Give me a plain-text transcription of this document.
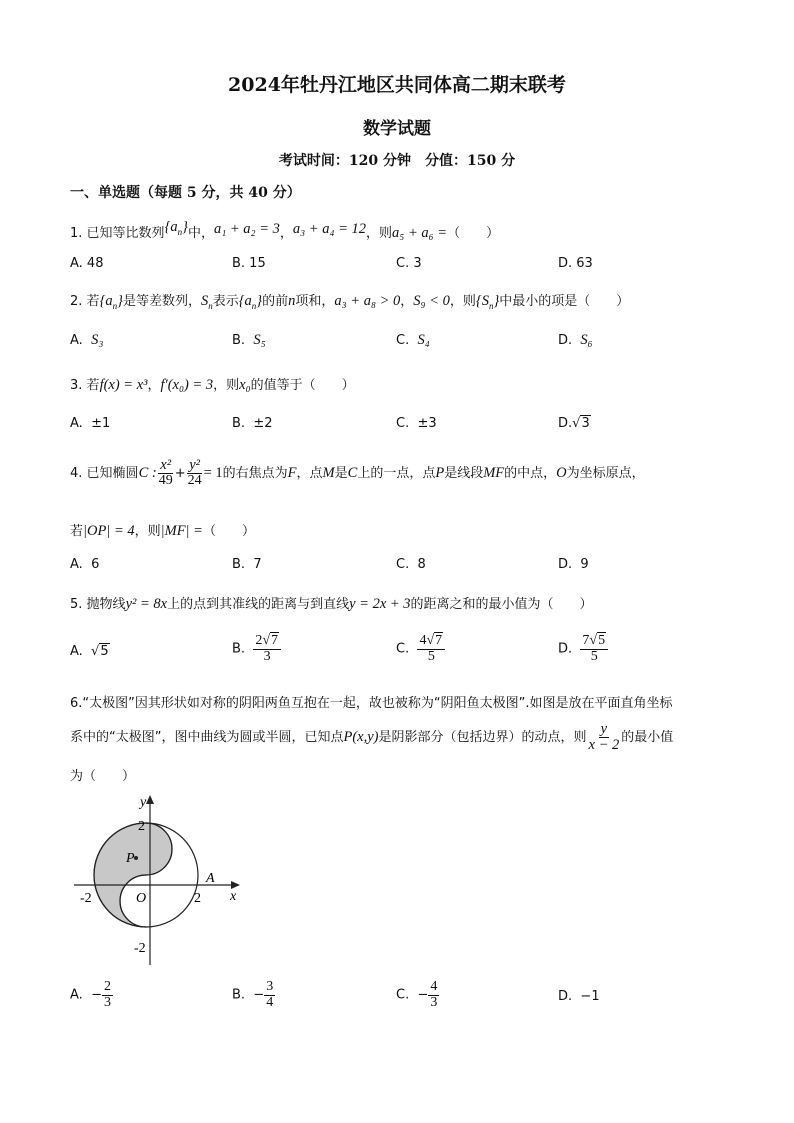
2024年牡丹江地区共同体高二期末联考
数学试题
考试时间：120 分钟　分值：150 分
一、单选题（每题 5 分，共 40 分）
1. 已知等比数列$\{a_n\}$中，a₁ + a₂ = 3，a₃ + a₄ = 12，则a₅ + a₆ =（　　）
A. 48	B. 15	C. 3	D. 63
2. 若$\{a_n\}$是等差数列，$S_n$表示$\{a_n\}$的前n项和，a₃ + a₈ > 0，S₉ < 0，则$\{S_n\}$中最小的项是（　　）
A. S₃	B. S₅	C. S₄	D. S₆
3. 若f(x) = x³，f′(x₀) = 3，则x₀的值等于（　　）
A. ±1	B. ±2	C. ±3	D.√3
4. 已知椭圆C : $\frac{\text{x²}}{49} + \frac{\text{y²}}{24} = 1$的右焦点为F，点M是C上的一点，点P是线段MF的中点，O为坐标原点，
若|OP| = 4，则|MF| =（　　）
A. 6	B. 7	C. 8	D. 9
5. 抛物线y² = 8x上的点到其准线的距离与到直线y = 2x + 3的距离之和的最小值为（　　）
A.  √5	B. $\frac{2√7}{3}$	C. $\frac{4√7}{5}$	D. $\frac{7√5}{5}$
6.“太极图”因其形状如对称的阴阳两鱼互抱在一起，故也被称为“阴阳鱼太极图”.如图是放在平面直角坐标
系中的“太极图”，图中曲线为圆或半圆，已知点P(x,y)是阴影部分（包括边界）的动点，则 $\frac{y}{x - 2}$ 的最小值
为（　　）
y
x
2
-2
-2	2
O
A
P
A. − $\frac{2}{3}$	B. − $\frac{3}{4}$	C. − $\frac{4}{3}$	D. −1
